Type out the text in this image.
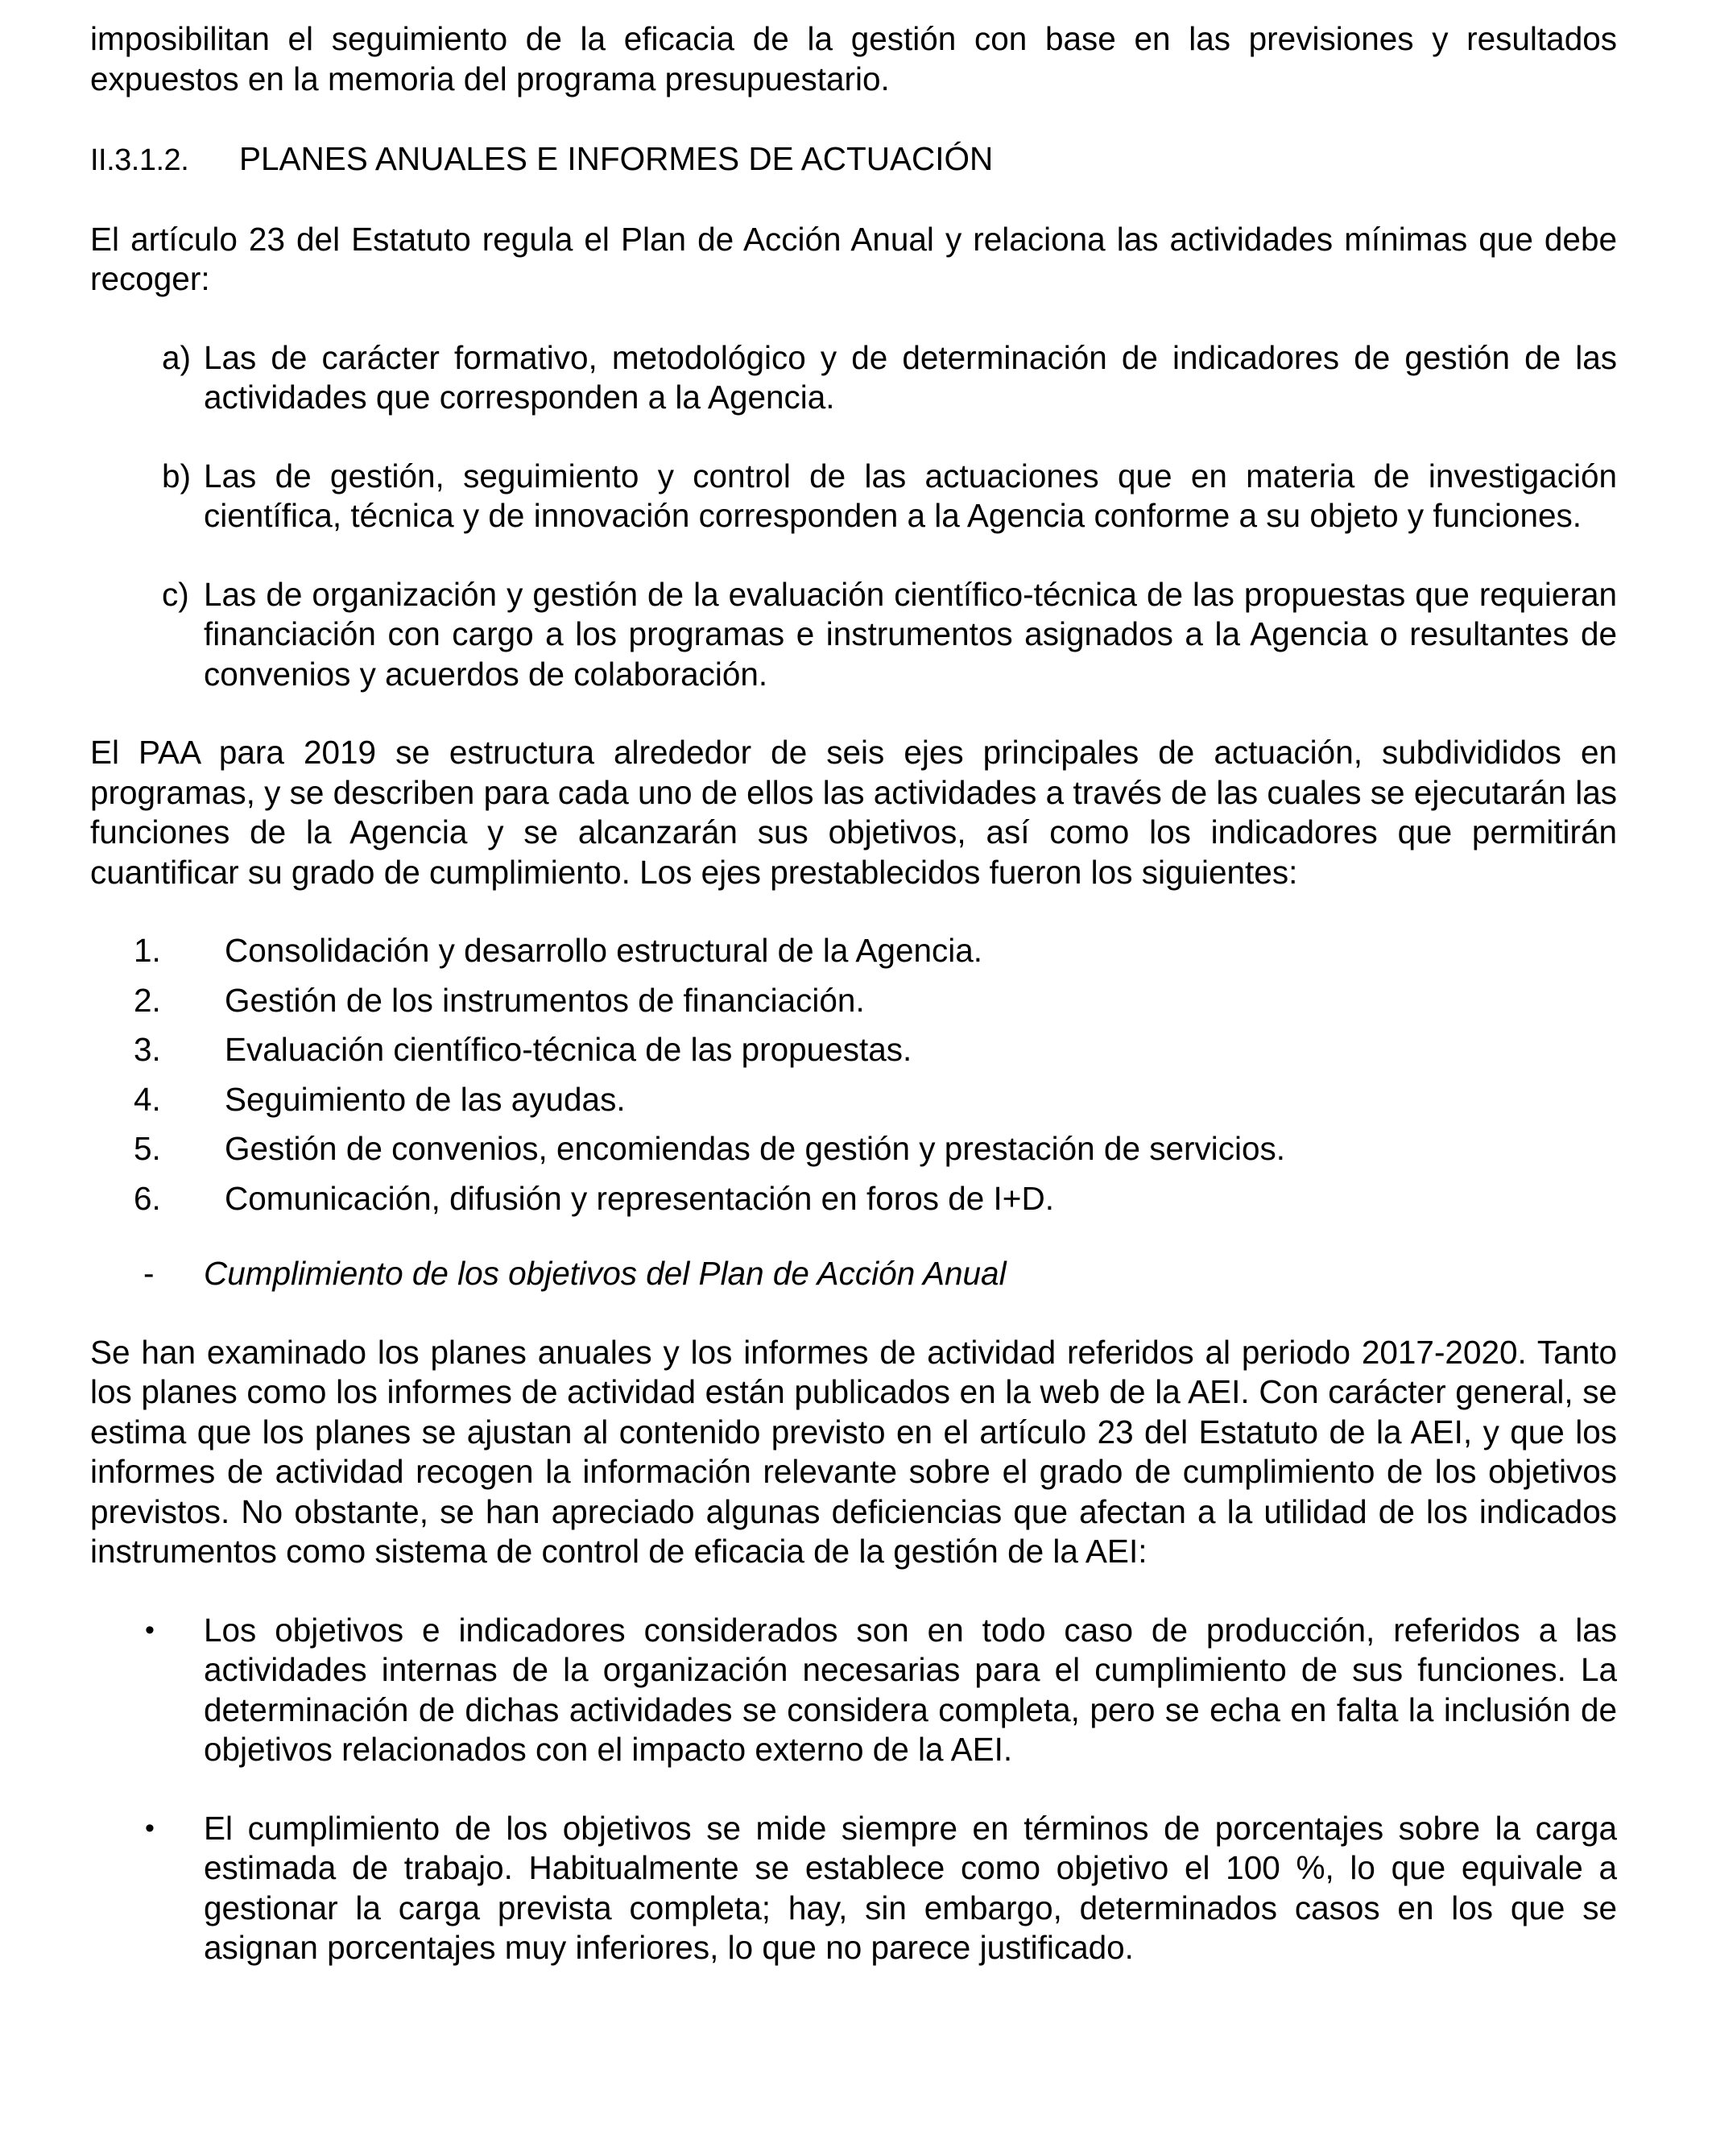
imposibilitan el seguimiento de la eficacia de la gestión con base en las previsiones y resultados expuestos en la memoria del programa presupuestario.

II.3.1.2.	PLANES ANUALES E INFORMES DE ACTUACIÓN

El artículo 23 del Estatuto regula el Plan de Acción Anual y relaciona las actividades mínimas que debe recoger:

a) Las de carácter formativo, metodológico y de determinación de indicadores de gestión de las actividades que corresponden a la Agencia.
b) Las de gestión, seguimiento y control de las actuaciones que en materia de investigación científica, técnica y de innovación corresponden a la Agencia conforme a su objeto y funciones.
c) Las de organización y gestión de la evaluación científico-técnica de las propuestas que requieran financiación con cargo a los programas e instrumentos asignados a la Agencia o resultantes de convenios y acuerdos de colaboración.

El PAA para 2019 se estructura alrededor de seis ejes principales de actuación, subdivididos en programas, y se describen para cada uno de ellos las actividades a través de las cuales se ejecutarán las funciones de la Agencia y se alcanzarán sus objetivos, así como los indicadores que permitirán cuantificar su grado de cumplimiento. Los ejes prestablecidos fueron los siguientes:

1.	Consolidación y desarrollo estructural de la Agencia.
2.	Gestión de los instrumentos de financiación.
3.	Evaluación científico-técnica de las propuestas.
4.	Seguimiento de las ayudas.
5.	Gestión de convenios, encomiendas de gestión y prestación de servicios.
6.	Comunicación, difusión y representación en foros de I+D.
-	Cumplimiento de los objetivos del Plan de Acción Anual

Se han examinado los planes anuales y los informes de actividad referidos al periodo 2017-2020. Tanto los planes como los informes de actividad están publicados en la web de la AEI. Con carácter general, se estima que los planes se ajustan al contenido previsto en el artículo 23 del Estatuto de la AEI, y que los informes de actividad recogen la información relevante sobre el grado de cumplimiento de los objetivos previstos. No obstante, se han apreciado algunas deficiencias que afectan a la utilidad de los indicados instrumentos como sistema de control de eficacia de la gestión de la AEI:

•	Los objetivos e indicadores considerados son en todo caso de producción, referidos a las actividades internas de la organización necesarias para el cumplimiento de sus funciones. La determinación de dichas actividades se considera completa, pero se echa en falta la inclusión de objetivos relacionados con el impacto externo de la AEI.
•	El cumplimiento de los objetivos se mide siempre en términos de porcentajes sobre la carga estimada de trabajo. Habitualmente se establece como objetivo el 100 %, lo que equivale a gestionar la carga prevista completa; hay, sin embargo, determinados casos en los que se asignan porcentajes muy inferiores, lo que no parece justificado.
